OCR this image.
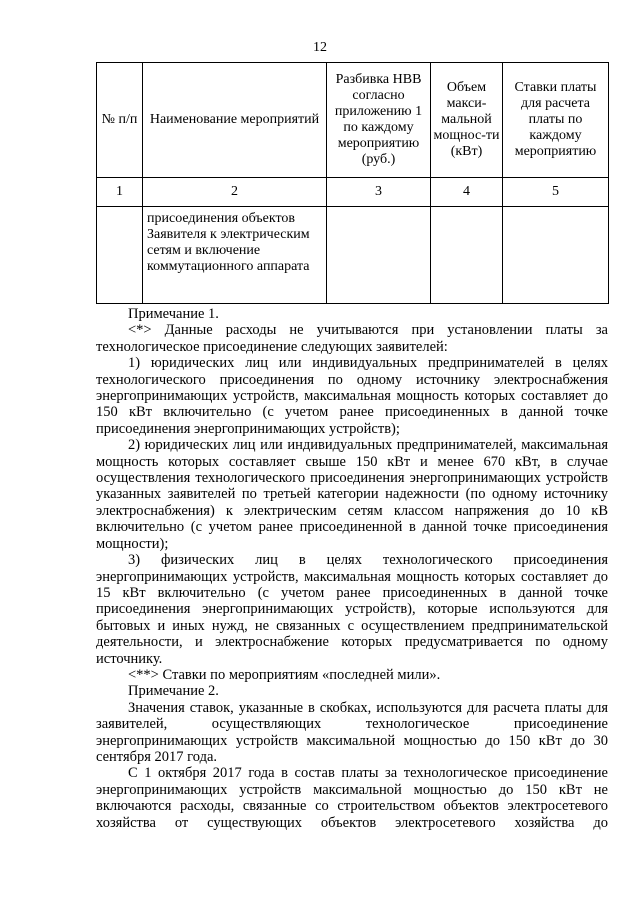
12
№ п/п	Наименование мероприятий	Разбивка НВВ согласно приложению 1 по каждому мероприятию (руб.)	Объем макси-мальной мощнос-ти (кВт)	Ставки платы для расчета платы по каждому мероприятию
1	2	3	4	5
	присоединения объектов Заявителя к электрическим сетям и включение коммутационного аппарата			

Примечание 1.

<*> Данные расходы не учитываются при установлении платы за технологическое присоединение следующих заявителей:

1) юридических лиц или индивидуальных предпринимателей в целях технологического присоединения по одному источнику электроснабжения энергопринимающих устройств, максимальная мощность которых составляет до 150 кВт включительно (с учетом ранее присоединенных в данной точке присоединения энергопринимающих устройств);

2) юридических лиц или индивидуальных предпринимателей, максимальная мощность которых составляет свыше 150 кВт и менее 670 кВт, в случае осуществления технологического присоединения энергопринимающих устройств указанных заявителей по третьей категории надежности (по одному источнику электроснабжения) к электрическим сетям классом напряжения до 10 кВ включительно (с учетом ранее присоединенной в данной точке присоединения мощности);

3) физических лиц в целях технологического присоединения энергопринимающих устройств, максимальная мощность которых составляет до 15 кВт включительно (с учетом ранее присоединенных в данной точке присоединения энергопринимающих устройств), которые используются для бытовых и иных нужд, не связанных с осуществлением предпринимательской деятельности, и электроснабжение которых предусматривается по одному источнику.

<**> Ставки по мероприятиям «последней мили».

Примечание 2.

Значения ставок, указанные в скобках, используются для расчета платы для заявителей, осуществляющих технологическое присоединение энергопринимающих устройств максимальной мощностью до 150 кВт до 30 сентября 2017 года.

С 1 октября 2017 года в состав платы за технологическое присоединение энергопринимающих устройств максимальной мощностью до 150 кВт не включаются расходы, связанные со строительством объектов электросетевого хозяйства от существующих объектов электросетевого хозяйства до
